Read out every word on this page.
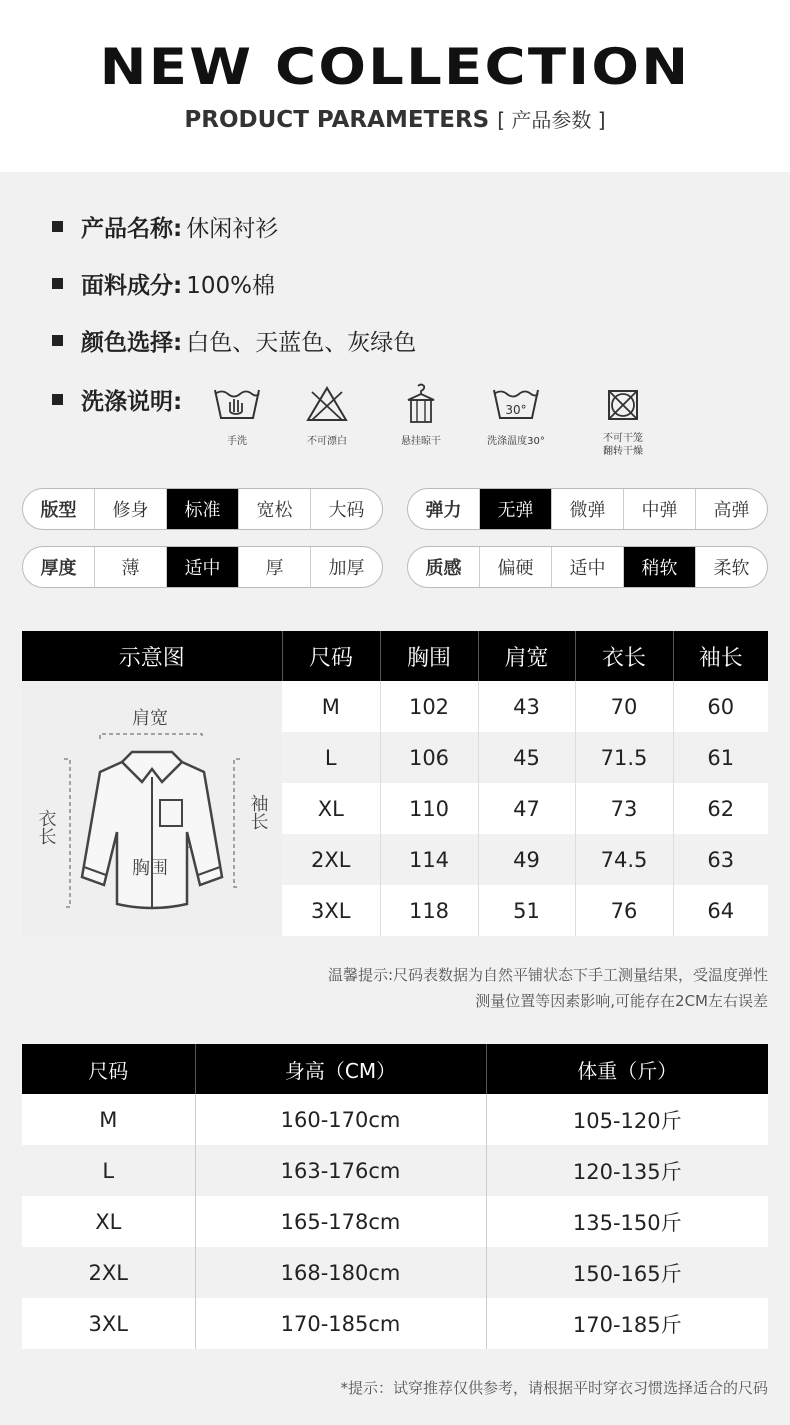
NEW COLLECTION
PRODUCT PARAMETERS [ 产品参数 ]
产品名称: 休闲衬衫
面料成分: 100%棉
颜色选择: 白色、天蓝色、灰绿色
洗涤说明:
手洗	不可漂白	悬挂晾干
30°
洗涤温度30°	不可干笼
翻转干燥
版型	修身	标准	宽松	大码	弹力	无弹	微弹	中弹	高弹
厚度	薄	适中	厚	加厚	质感	偏硬	适中	稍软	柔软
示意图	尺码	胸围	肩宽	衣长	袖长
	M	102	43	70	60
	L	106	45	71.5	61
	XL	110	47	73	62
	2XL	114	49	74.5	63
	3XL	118	51	76	64
肩宽
胸围
衣长	袖长
温馨提示:尺码表数据为自然平铺状态下手工测量结果，受温度弹性
测量位置等因素影响,可能存在2CM左右误差
尺码	身高（CM）	体重（斤）
M	160-170cm	105-120斤
L	163-176cm	120-135斤
XL	165-178cm	135-150斤
2XL	168-180cm	150-165斤
3XL	170-185cm	170-185斤
*提示：试穿推荐仅供参考，请根据平时穿衣习惯选择适合的尺码
